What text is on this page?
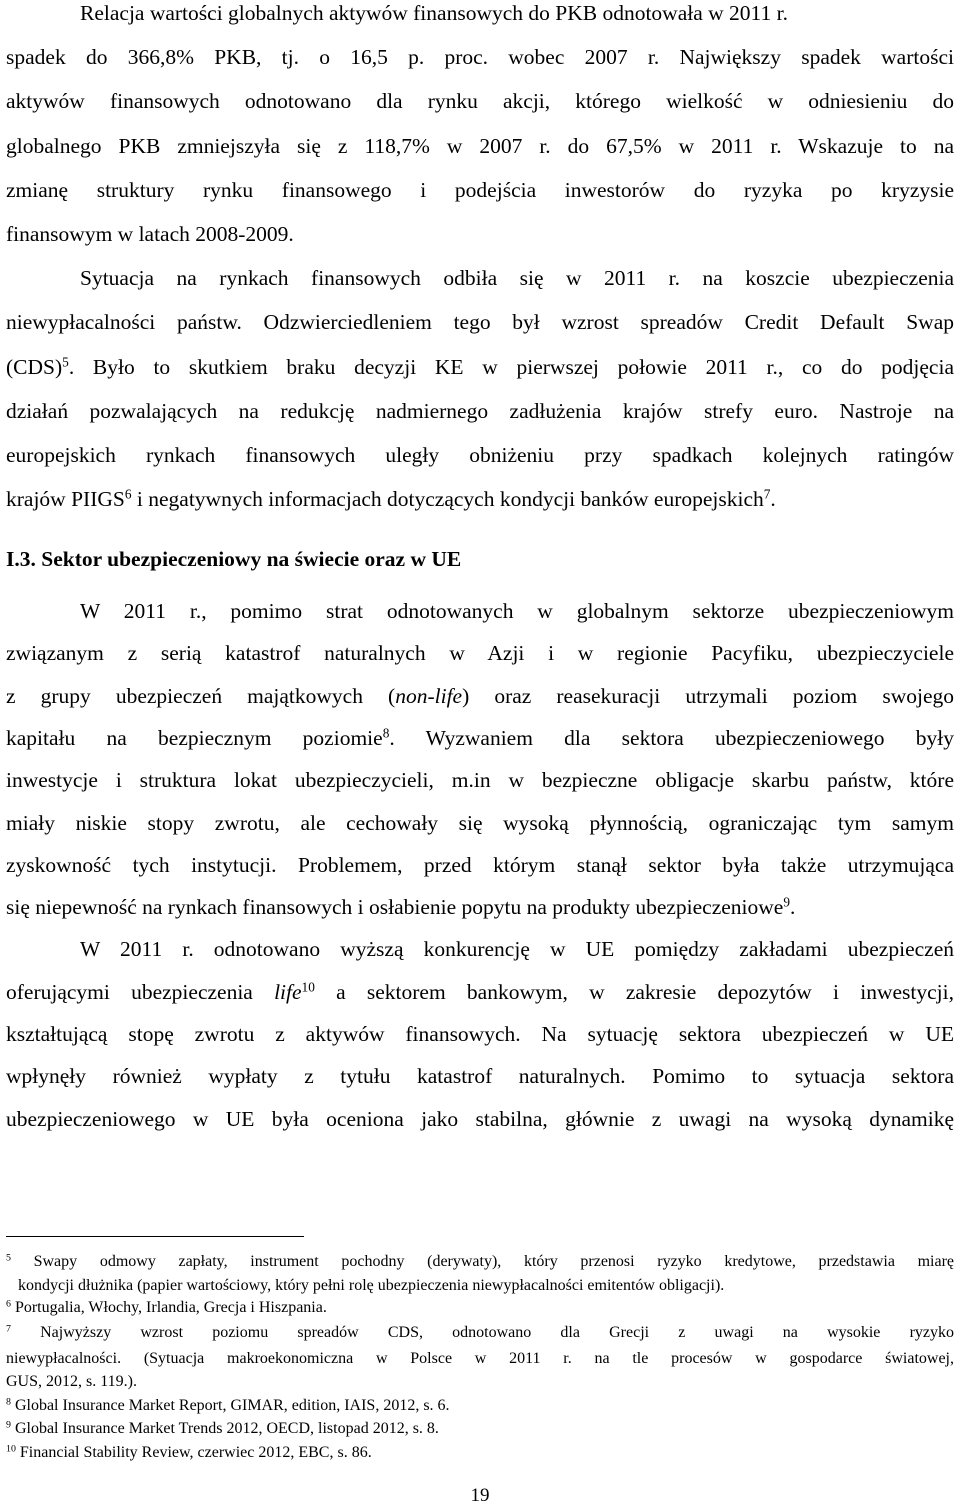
Relacja wartości globalnych aktywów finansowych do PKB odnotowała w 2011 r.
spadek do 366,8% PKB, tj. o 16,5 p. proc. wobec 2007 r. Największy spadek wartości
aktywów finansowych odnotowano dla rynku akcji, którego wielkość w odniesieniu do
globalnego PKB zmniejszyła się z 118,7% w 2007 r. do 67,5% w 2011 r. Wskazuje to na
zmianę struktury rynku finansowego i podejścia inwestorów do ryzyka po kryzysie
finansowym w latach 2008-2009.
Sytuacja na rynkach finansowych odbiła się w 2011 r. na koszcie ubezpieczenia
niewypłacalności państw. Odzwierciedleniem tego był wzrost spreadów Credit Default Swap
(CDS)$^5$. Było to skutkiem braku decyzji KE w pierwszej połowie 2011 r., co do podjęcia
działań pozwalających na redukcję nadmiernego zadłużenia krajów strefy euro. Nastroje na
europejskich rynkach finansowych uległy obniżeniu przy spadkach kolejnych ratingów
krajów PIIGS$^6$ i negatywnych informacjach dotyczących kondycji banków europejskich$^7$.
I.3. Sektor ubezpieczeniowy na świecie oraz w UE
W 2011 r., pomimo strat odnotowanych w globalnym sektorze ubezpieczeniowym
związanym z serią katastrof naturalnych w Azji i w regionie Pacyfiku, ubezpieczyciele
z grupy ubezpieczeń majątkowych (non-life) oraz reasekuracji utrzymali poziom swojego
kapitału na bezpiecznym poziomie$^8$. Wyzwaniem dla sektora ubezpieczeniowego były
inwestycje i struktura lokat ubezpieczycieli, m.in w bezpieczne obligacje skarbu państw, które
miały niskie stopy zwrotu, ale cechowały się wysoką płynnością, ograniczając tym samym
zyskowność tych instytucji. Problemem, przed którym stanął sektor była także utrzymująca
się niepewność na rynkach finansowych i osłabienie popytu na produkty ubezpieczeniowe$^9$.
W 2011 r. odnotowano wyższą konkurencję w UE pomiędzy zakładami ubezpieczeń
oferującymi ubezpieczenia life$^{10}$ a sektorem bankowym, w zakresie depozytów i inwestycji,
kształtującą stopę zwrotu z aktywów finansowych. Na sytuację sektora ubezpieczeń w UE
wpłynęły również wypłaty z tytułu katastrof naturalnych. Pomimo to sytuacja sektora
ubezpieczeniowego w UE była oceniona jako stabilna, głównie z uwagi na wysoką dynamikę
$^5$ Swapy odmowy zapłaty, instrument pochodny (derywaty), który przenosi ryzyko kredytowe, przedstawia miarę
kondycji dłużnika (papier wartościowy, który pełni rolę ubezpieczenia niewypłacalności emitentów obligacji).
$^6$ Portugalia, Włochy, Irlandia, Grecja i Hiszpania.
$^7$ Najwyższy wzrost poziomu spreadów CDS, odnotowano dla Grecji z uwagi na wysokie ryzyko
niewypłacalności. (Sytuacja makroekonomiczna w Polsce w 2011 r. na tle procesów w gospodarce światowej,
GUS, 2012, s. 119.).
$^8$ Global Insurance Market Report, GIMAR, edition, IAIS, 2012, s. 6.
$^9$ Global Insurance Market Trends 2012, OECD, listopad 2012, s. 8.
$^{10}$ Financial Stability Review, czerwiec 2012, EBC, s. 86.
19
